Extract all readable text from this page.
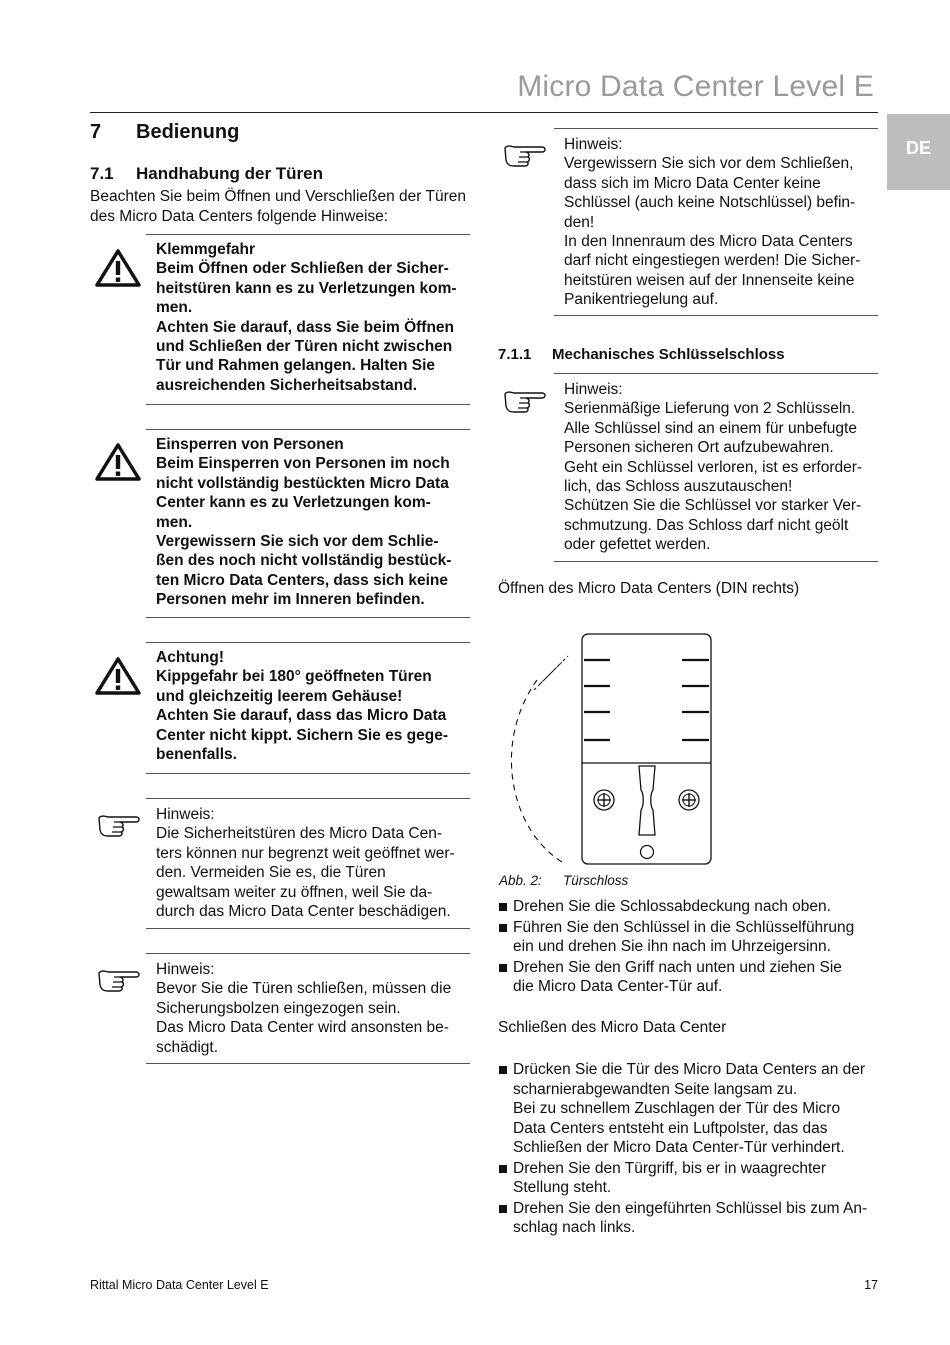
Micro Data Center Level E
DE
7 Bedienung
7.1 Handhabung der Türen
Beachten Sie beim Öffnen und Verschließen der Türen des Micro Data Centers folgende Hinweise:

Klemmgefahr

Beim Öffnen oder Schließen der Sicher-

heitstüren kann es zu Verletzungen kom-

men.

Achten Sie darauf, dass Sie beim Öffnen

und Schließen der Türen nicht zwischen

Tür und Rahmen gelangen. Halten Sie

ausreichenden Sicherheitsabstand.

Einsperren von Personen

Beim Einsperren von Personen im noch

nicht vollständig bestückten Micro Data

Center kann es zu Verletzungen kom-

men.

Vergewissern Sie sich vor dem Schlie-

ßen des noch nicht vollständig bestück-

ten Micro Data Centers, dass sich keine

Personen mehr im Inneren befinden.

Achtung!

Kippgefahr bei 180° geöffneten Türen

und gleichzeitig leerem Gehäuse!

Achten Sie darauf, dass das Micro Data

Center nicht kippt. Sichern Sie es gege-

benenfalls.

Hinweis:

Die Sicherheitstüren des Micro Data Cen-

ters können nur begrenzt weit geöffnet wer-

den. Vermeiden Sie es, die Türen

gewaltsam weiter zu öffnen, weil Sie da-

durch das Micro Data Center beschädigen.

Hinweis:

Bevor Sie die Türen schließen, müssen die

Sicherungsbolzen eingezogen sein.

Das Micro Data Center wird ansonsten be-

schädigt.

Hinweis:

Vergewissern Sie sich vor dem Schließen,

dass sich im Micro Data Center keine

Schlüssel (auch keine Notschlüssel) befin-

den!

In den Innenraum des Micro Data Centers

darf nicht eingestiegen werden! Die Sicher-

heitstüren weisen auf der Innenseite keine

Panikentriegelung auf.

7.1.1 Mechanisches Schlüsselschloss

Hinweis:

Serienmäßige Lieferung von 2 Schlüsseln.

Alle Schlüssel sind an einem für unbefugte

Personen sicheren Ort aufzubewahren.

Geht ein Schlüssel verloren, ist es erforder-

lich, das Schloss auszutauschen!

Schützen Sie die Schlüssel vor starker Ver-

schmutzung. Das Schloss darf nicht geölt

oder gefettet werden.

Öffnen des Micro Data Centers (DIN rechts)
Abb. 2: Türschloss
Drehen Sie die Schlossabdeckung nach oben.
Führen Sie den Schlüssel in die Schlüsselführung
ein und drehen Sie ihn nach im Uhrzeigersinn.
Drehen Sie den Griff nach unten und ziehen Sie
die Micro Data Center-Tür auf.
Schließen des Micro Data Center
Drücken Sie die Tür des Micro Data Centers an der
scharnierabgewandten Seite langsam zu.
Bei zu schnellem Zuschlagen der Tür des Micro
Data Centers entsteht ein Luftpolster, das das
Schließen der Micro Data Center-Tür verhindert.
Drehen Sie den Türgriff, bis er in waagrechter
Stellung steht.
Drehen Sie den eingeführten Schlüssel bis zum An-
schlag nach links.
Rittal Micro Data Center Level E	17
